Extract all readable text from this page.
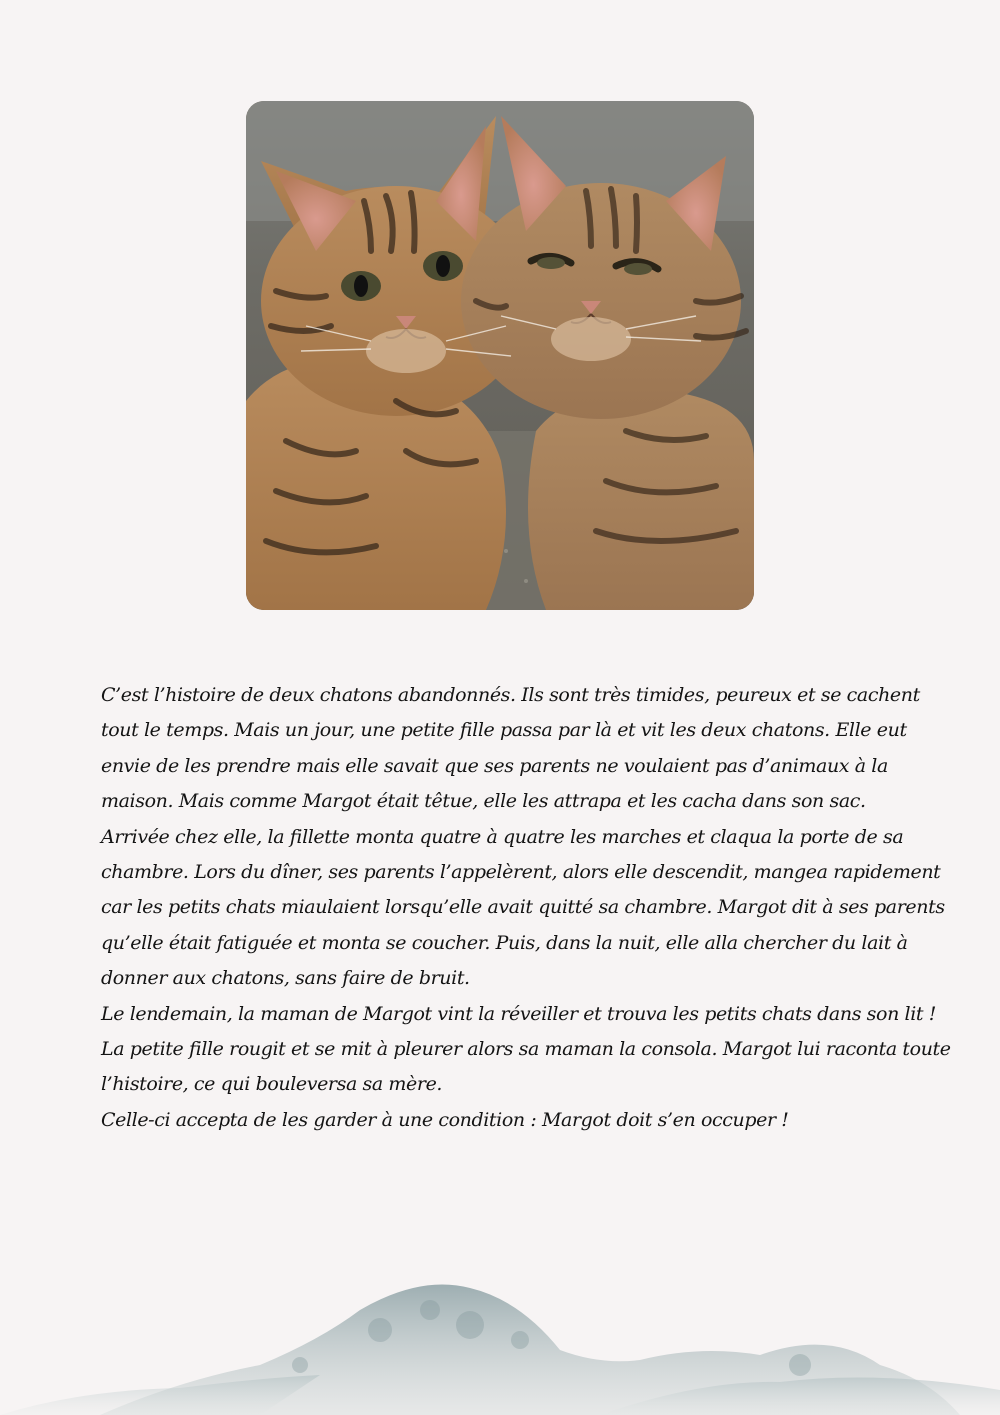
C’est l’histoire de deux chatons abandonnés. Ils sont très timides, peureux et se cachent tout le temps. Mais un jour, une petite fille passa par là et vit les deux chatons. Elle eut envie de les prendre mais elle savait que ses parents ne voulaient pas d’animaux à la maison. Mais comme Margot était têtue, elle les attrapa et les cacha dans son sac.

Arrivée chez elle, la fillette monta quatre à quatre les marches et claqua la porte de sa chambre. Lors du dîner, ses parents l’appelèrent, alors elle descendit, mangea rapidement car les petits chats miaulaient lorsqu’elle avait quitté sa chambre. Margot dit à ses parents qu’elle était fatiguée et monta se coucher. Puis, dans la nuit, elle alla chercher du lait à donner aux chatons, sans faire de bruit.

Le lendemain, la maman de Margot vint la réveiller et trouva les petits chats dans son lit ! La petite fille rougit et se mit à pleurer alors sa maman la consola. Margot lui raconta toute l’histoire, ce qui bouleversa sa mère.

Celle-ci accepta de les garder à une condition : Margot doit s’en occuper !
